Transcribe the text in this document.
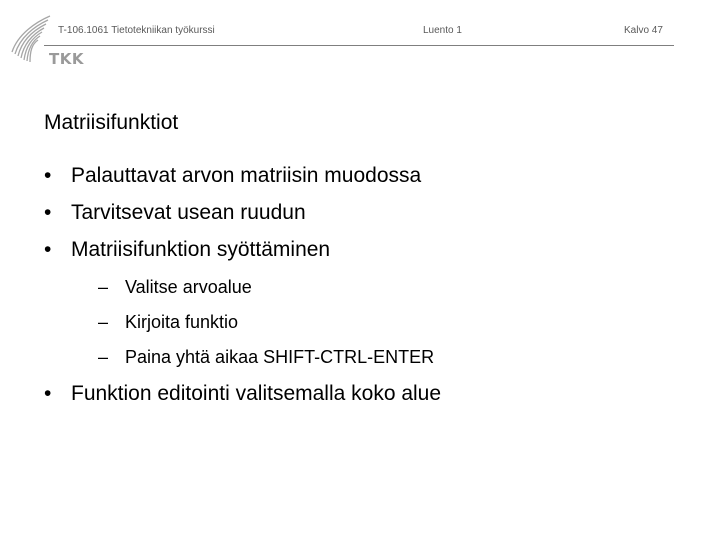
TKK
T-106.1061 Tietotekniikan työkurssi	Luento 1	Kalvo 47
Matriisifunktiot
• Palauttavat arvon matriisin muodossa
• Tarvitsevat usean ruudun
• Matriisifunktion syöttäminen
– Valitse arvoalue
– Kirjoita funktio
– Paina yhtä aikaa SHIFT-CTRL-ENTER
• Funktion editointi valitsemalla koko alue
